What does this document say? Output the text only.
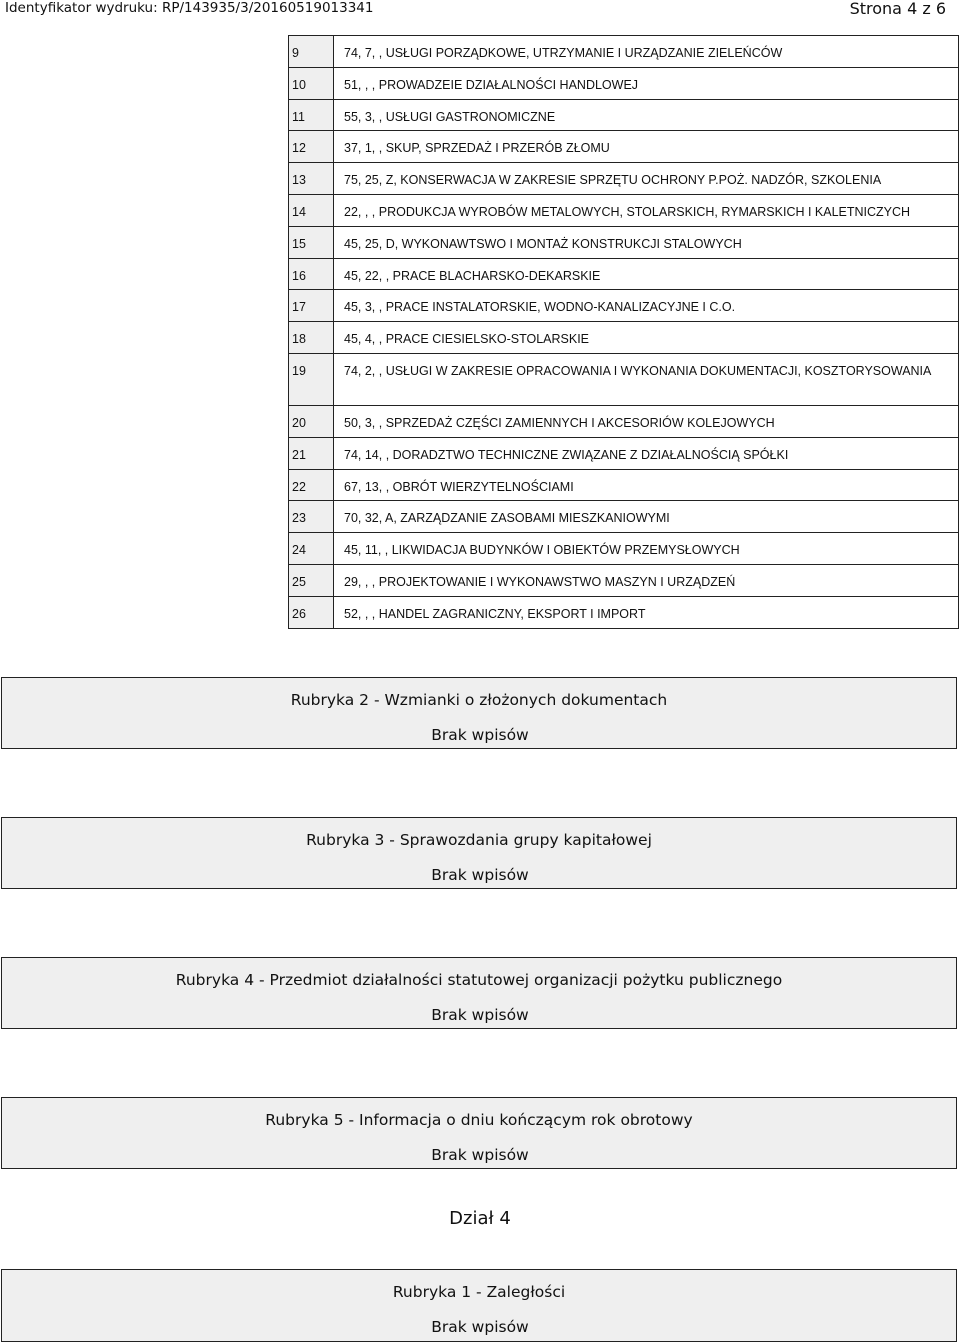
Identyfikator wydruku: RP/143935/3/20160519013341	Strona 4 z 6
9	74, 7, , USŁUGI PORZĄDKOWE, UTRZYMANIE I URZĄDZANIE ZIELEŃCÓW
10	51, , , PROWADZEIE DZIAŁALNOŚCI HANDLOWEJ
11	55, 3, , USŁUGI GASTRONOMICZNE
12	37, 1, , SKUP, SPRZEDAŻ I PRZERÓB ZŁOMU
13	75, 25, Z, KONSERWACJA W ZAKRESIE SPRZĘTU OCHRONY P.POŻ. NADZÓR, SZKOLENIA
14	22, , , PRODUKCJA WYROBÓW METALOWYCH, STOLARSKICH, RYMARSKICH I KALETNICZYCH
15	45, 25, D, WYKONAWTSWO I MONTAŻ KONSTRUKCJI STALOWYCH
16	45, 22, , PRACE BLACHARSKO-DEKARSKIE
17	45, 3, , PRACE INSTALATORSKIE, WODNO-KANALIZACYJNE I C.O.
18	45, 4, , PRACE CIESIELSKO-STOLARSKIE
19	74, 2, , USŁUGI W ZAKRESIE OPRACOWANIA I WYKONANIA DOKUMENTACJI, KOSZTORYSOWANIA
20	50, 3, , SPRZEDAŻ CZĘŚCI ZAMIENNYCH I AKCESORIÓW KOLEJOWYCH
21	74, 14, , DORADZTWO TECHNICZNE ZWIĄZANE Z DZIAŁALNOŚCIĄ SPÓŁKI
22	67, 13, , OBRÓT WIERZYTELNOŚCIAMI
23	70, 32, A, ZARZĄDZANIE ZASOBAMI MIESZKANIOWYMI
24	45, 11, , LIKWIDACJA BUDYNKÓW I OBIEKTÓW PRZEMYSŁOWYCH
25	29, , , PROJEKTOWANIE I WYKONAWSTWO MASZYN I URZĄDZEŃ
26	52, , , HANDEL ZAGRANICZNY, EKSPORT I IMPORT
Rubryka 2 - Wzmianki o złożonych dokumentach
Brak wpisów
Rubryka 3 - Sprawozdania grupy kapitałowej
Brak wpisów
Rubryka 4 - Przedmiot działalności statutowej organizacji pożytku publicznego
Brak wpisów
Rubryka 5 - Informacja o dniu kończącym rok obrotowy
Brak wpisów
Dział 4
Rubryka 1 - Zaległości
Brak wpisów
